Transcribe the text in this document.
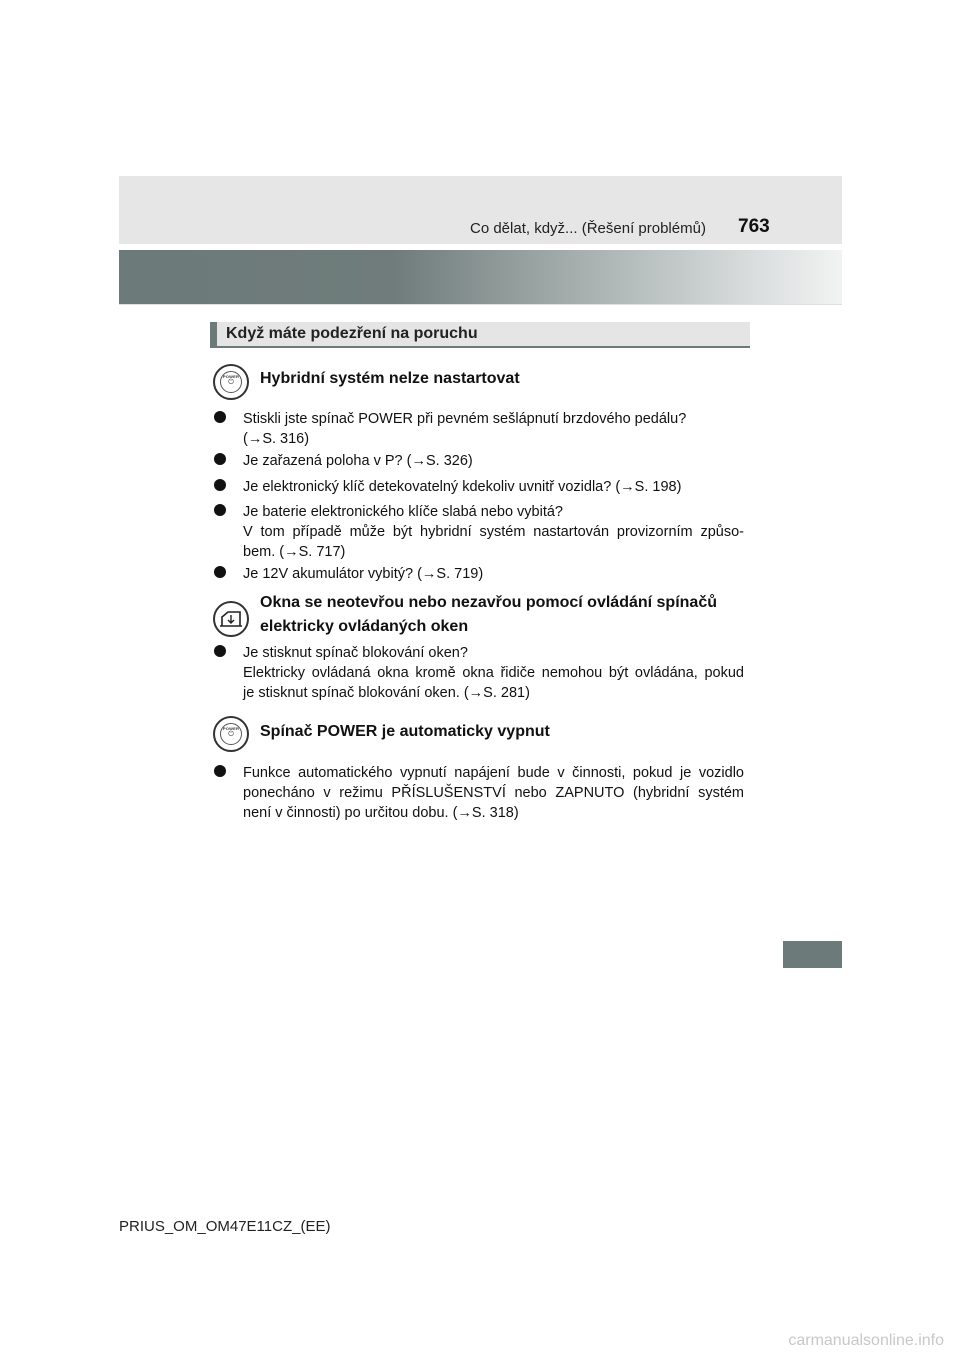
Co dělat, když... (Řešení problémů) 763
Když máte podezření na poruchu
POWER
⏻	Hybridní systém nelze nastartovat
Stiskli jste spínač POWER při pevném sešlápnutí brzdového pedálu?
(→S. 316)
Je zařazená poloha v P? (→S. 326)
Je elektronický klíč detekovatelný kdekoliv uvnitř vozidla? (→S. 198)
Je baterie elektronického klíče slabá nebo vybitá?
V tom případě může být hybridní systém nastartován provizorním způso-
bem. (→S. 717)
Je 12V akumulátor vybitý? (→S. 719)
Okna se neotevřou nebo nezavřou pomocí ovládání spínačů
elektricky ovládaných oken
Je stisknut spínač blokování oken?
Elektricky ovládaná okna kromě okna řidiče nemohou být ovládána, pokud
je stisknut spínač blokování oken. (→S. 281)
POWER
⏻	Spínač POWER je automaticky vypnut
Funkce automatického vypnutí napájení bude v činnosti, pokud je vozidlo
ponecháno v režimu PŘÍSLUŠENSTVÍ nebo ZAPNUTO (hybridní systém
není v činnosti) po určitou dobu. (→S. 318)
PRIUS_OM_OM47E11CZ_(EE)
carmanualsonline.info
